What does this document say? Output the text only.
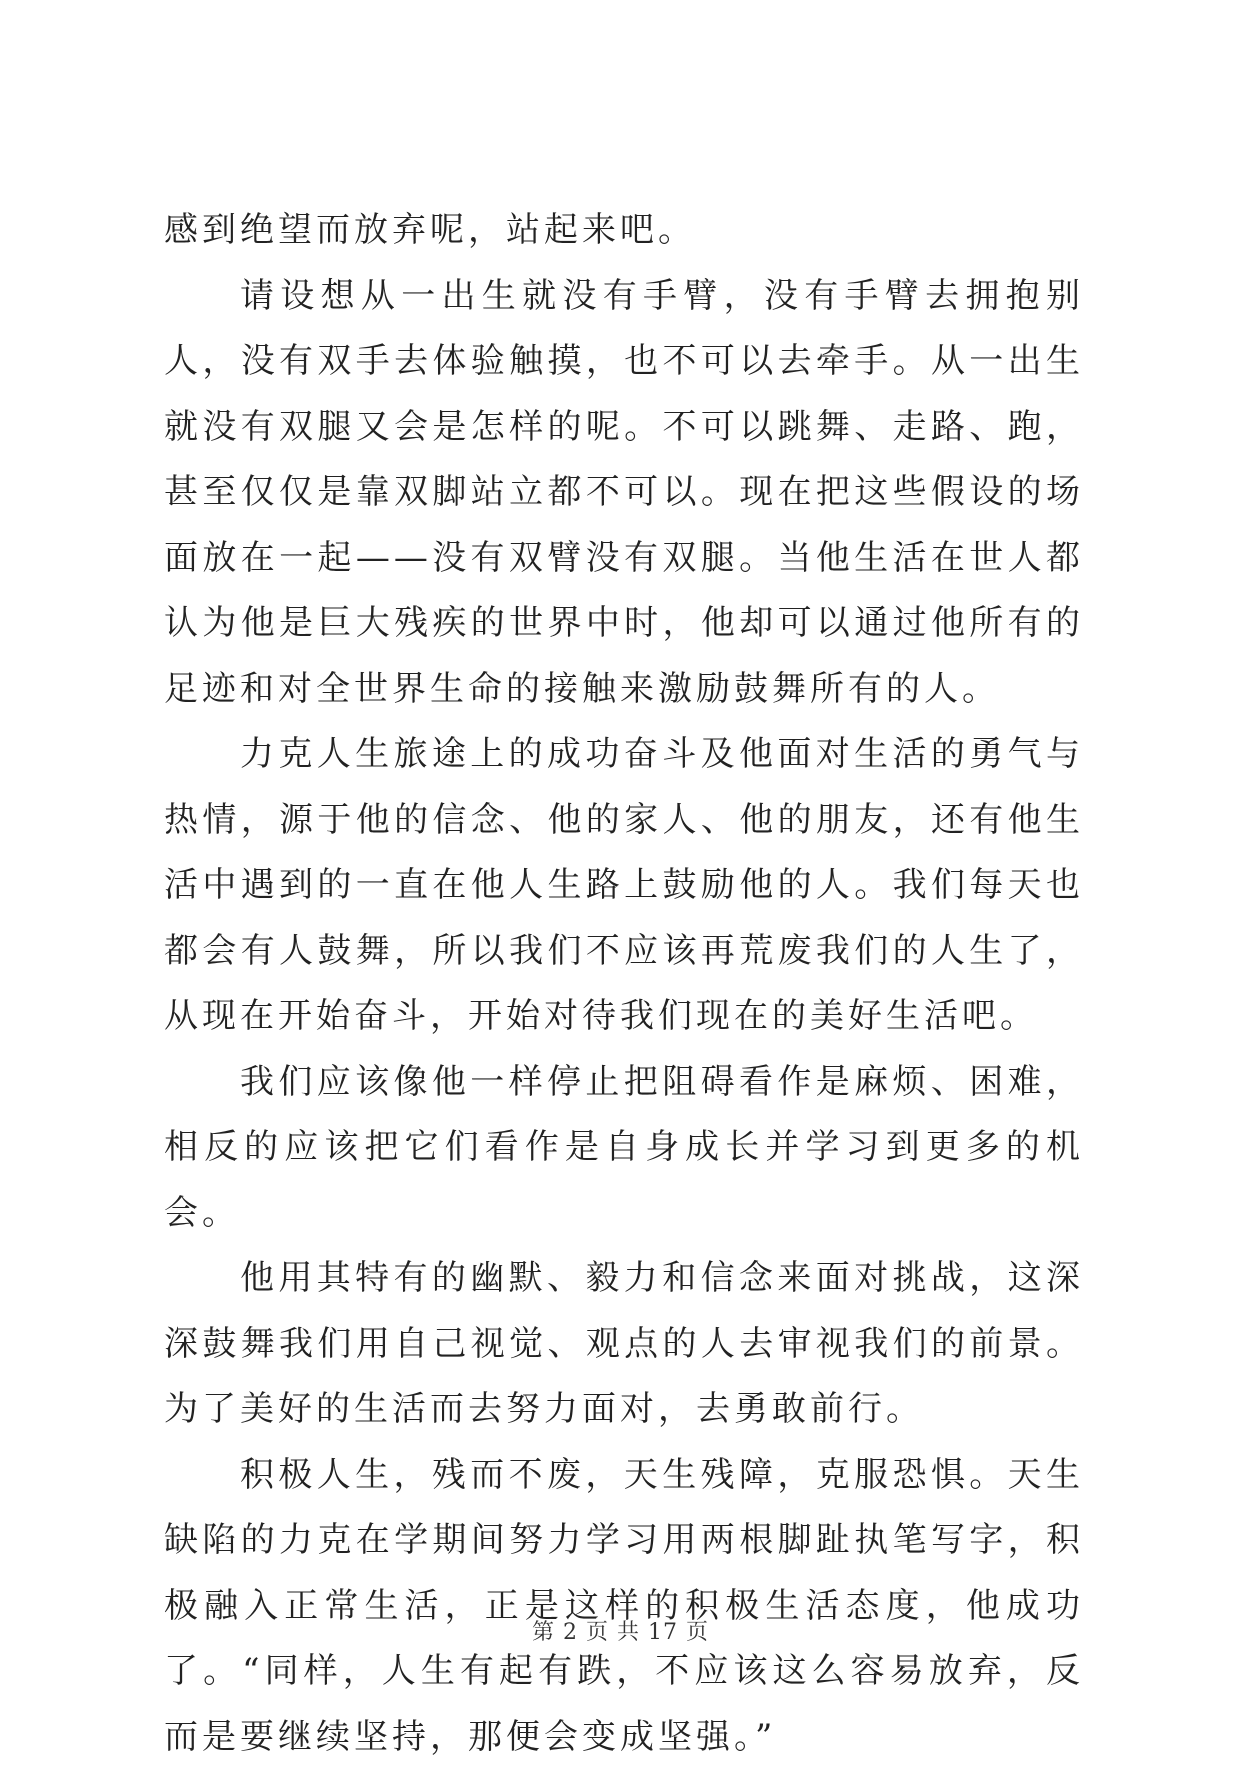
感到绝望而放弃呢，站起来吧。

请设想从一出生就没有手臂，没有手臂去拥抱别人，没有双手去体验触摸，也不可以去牵手。从一出生就没有双腿又会是怎样的呢。不可以跳舞、走路、跑，甚至仅仅是靠双脚站立都不可以。现在把这些假设的场面放在一起——没有双臂没有双腿。当他生活在世人都认为他是巨大残疾的世界中时，他却可以通过他所有的足迹和对全世界生命的接触来激励鼓舞所有的人。

力克人生旅途上的成功奋斗及他面对生活的勇气与热情，源于他的信念、他的家人、他的朋友，还有他生活中遇到的一直在他人生路上鼓励他的人。我们每天也都会有人鼓舞，所以我们不应该再荒废我们的人生了，从现在开始奋斗，开始对待我们现在的美好生活吧。

我们应该像他一样停止把阻碍看作是麻烦、困难，相反的应该把它们看作是自身成长并学习到更多的机会。

他用其特有的幽默、毅力和信念来面对挑战，这深深鼓舞我们用自己视觉、观点的人去审视我们的前景。为了美好的生活而去努力面对，去勇敢前行。

积极人生，残而不废，天生残障，克服恐惧。天生缺陷的力克在学期间努力学习用两根脚趾执笔写字，积极融入正常生活，正是这样的积极生活态度，他成功了。“同样，人生有起有跌，不应该这么容易放弃，反而是要继续坚持，那便会变成坚强。”

第 2 页 共 17 页
